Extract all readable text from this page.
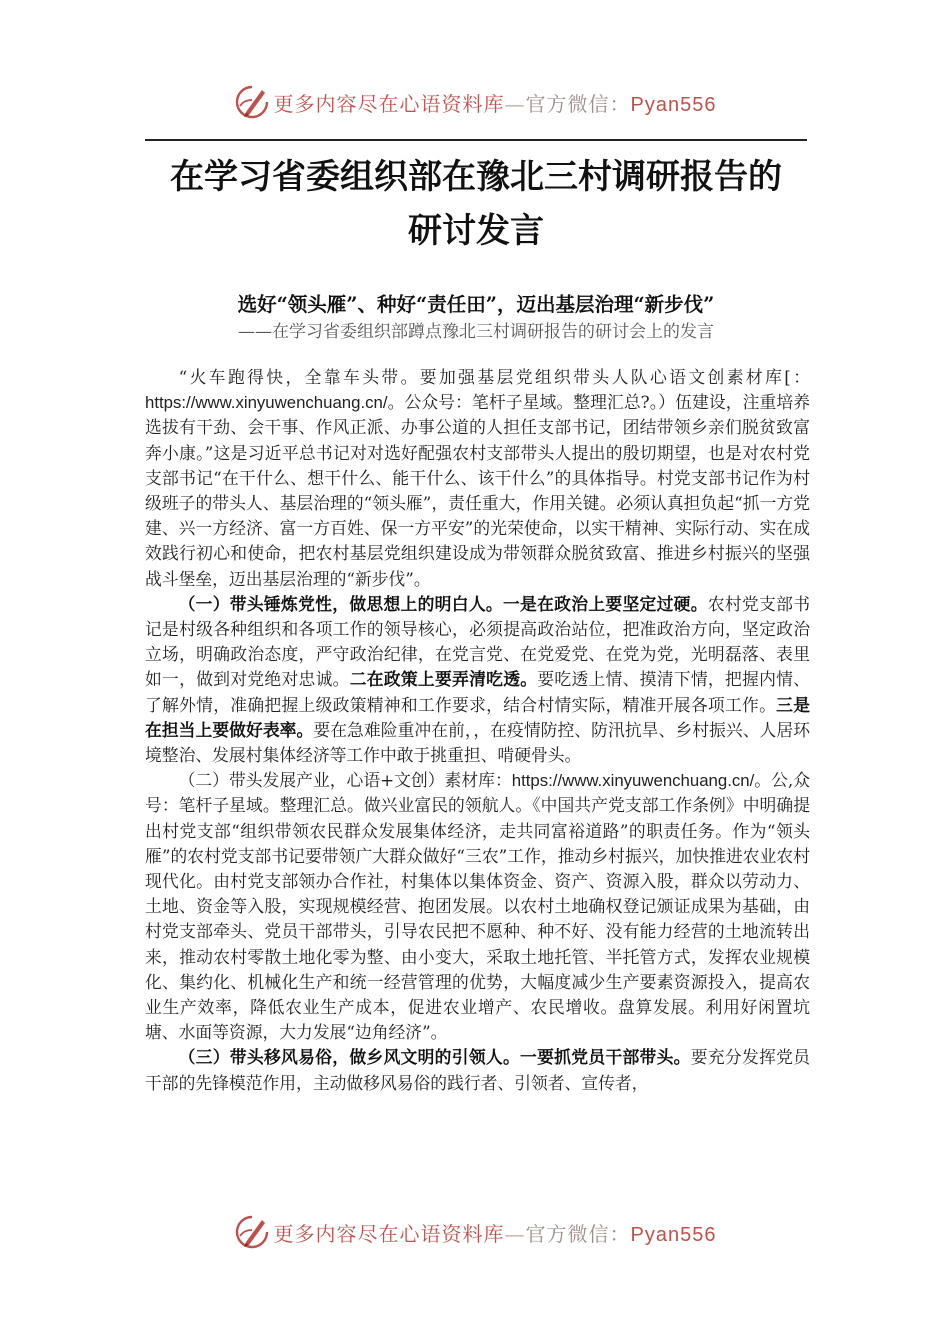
更多内容尽在心语资料库—官方微信：Pyan556
在学习省委组织部在豫北三村调研报告的
研讨发言
选好“领头雁”、种好“责任田”，迈出基层治理“新步伐”
——在学习省委组织部蹲点豫北三村调研报告的研讨会上的发言

“火车跑得快，全靠车头带。要加强基层党组织带头人队心语文创素材库[：https://www.xinyuwenchuang.cn/。公众号：笔杆子星域。整理汇总?。）伍建设，注重培养选拔有干劲、会干事、作风正派、办事公道的人担任支部书记，团结带领乡亲们脱贫致富奔小康。”这是习近平总书记对对选好配强农村支部带头人提出的殷切期望，也是对农村党支部书记“在干什么、想干什么、能干什么、该干什么”的具体指导。村党支部书记作为村级班子的带头人、基层治理的“领头雁”，责任重大，作用关键。必须认真担负起“抓一方党建、兴一方经济、富一方百姓、保一方平安”的光荣使命，以实干精神、实际行动、实在成效践行初心和使命，把农村基层党组织建设成为带领群众脱贫致富、推进乡村振兴的坚强战斗堡垒，迈出基层治理的“新步伐”。

（一）带头锤炼党性，做思想上的明白人。一是在政治上要坚定过硬。农村党支部书记是村级各种组织和各项工作的领导核心，必须提高政治站位，把准政治方向，坚定政治立场，明确政治态度，严守政治纪律，在党言党、在党爱党、在党为党，光明磊落、表里如一，做到对党绝对忠诚。二在政策上要弄清吃透。要吃透上情、摸清下情，把握内情、了解外情，准确把握上级政策精神和工作要求，结合村情实际，精准开展各项工作。三是在担当上要做好表率。要在急难险重冲在前，，在疫情防控、防汛抗旱、乡村振兴、人居环境整治、发展村集体经济等工作中敢于挑重担、啃硬骨头。

（二）带头发展产业，心语+文创）素材库：https://www.xinyuwenchuang.cn/。公,众号：笔杆子星域。整理汇总。做兴业富民的领航人。《中国共产党支部工作条例》中明确提出村党支部“组织带领农民群众发展集体经济，走共同富裕道路”的职责任务。作为“领头雁”的农村党支部书记要带领广大群众做好“三农”工作，推动乡村振兴，加快推进农业农村现代化。由村党支部领办合作社，村集体以集体资金、资产、资源入股，群众以劳动力、土地、资金等入股，实现规模经营、抱团发展。以农村土地确权登记颁证成果为基础，由村党支部牵头、党员干部带头，引导农民把不愿种、种不好、没有能力经营的土地流转出来，推动农村零散土地化零为整、由小变大，采取土地托管、半托管方式，发挥农业规模化、集约化、机械化生产和统一经营管理的优势，大幅度减少生产要素资源投入，提高农业生产效率，降低农业生产成本，促进农业增产、农民增收。盘算发展。利用好闲置坑塘、水面等资源，大力发展“边角经济”。

（三）带头移风易俗，做乡风文明的引领人。一要抓党员干部带头。要充分发挥党员干部的先锋模范作用，主动做移风易俗的践行者、引领者、宣传者，

更多内容尽在心语资料库—官方微信：Pyan556
